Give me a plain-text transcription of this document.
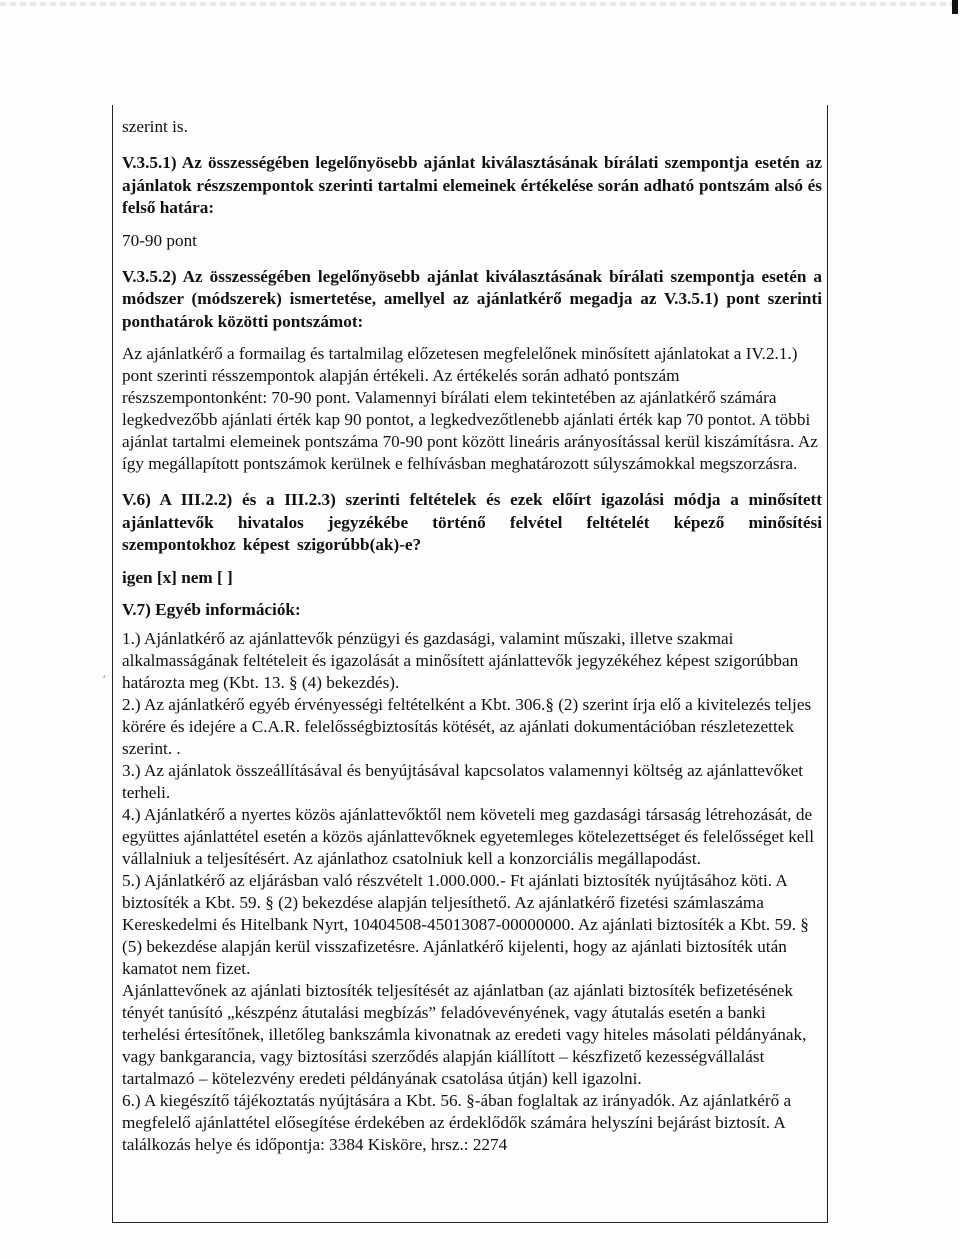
′

szerint is.

V.3.5.1) Az összességében legelőnyösebb ajánlat kiválasztásának bírálati szempontja esetén az ajánlatok részszempontok szerinti tartalmi elemeinek értékelése során adható pontszám alsó és felső határa:

70-90 pont

V.3.5.2) Az összességében legelőnyösebb ajánlat kiválasztásának bírálati szempontja esetén a módszer (módszerek) ismertetése, amellyel az ajánlatkérő megadja az V.3.5.1) pont szerinti ponthatárok közötti pontszámot:

Az ajánlatkérő a formailag és tartalmilag előzetesen megfelelőnek minősített ajánlatokat a IV.2.1.) pont szerinti résszempontok alapján értékeli. Az értékelés során adható pontszám részszempontonként: 70-90 pont. Valamennyi bírálati elem tekintetében az ajánlatkérő számára legkedvezőbb ajánlati érték kap 90 pontot, a legkedvezőtlenebb ajánlati érték kap 70 pontot. A többi ajánlat tartalmi elemeinek pontszáma 70-90 pont között lineáris arányosítással kerül kiszámításra. Az így megállapított pontszámok kerülnek e felhívásban meghatározott súlyszámokkal megszorzásra.

V.6) A III.2.2) és a III.2.3) szerinti feltételek és ezek előírt igazolási módja a minősített ajánlattevők hivatalos jegyzékébe történő felvétel feltételét képező minősítési szempontokhoz képest szigorúbb(ak)-e?

igen [x] nem [ ]

V.7) Egyéb információk:

1.) Ajánlatkérő az ajánlattevők pénzügyi és gazdasági, valamint műszaki, illetve szakmai alkalmasságának feltételeit és igazolását a minősített ajánlattevők jegyzékéhez képest szigorúbban határozta meg (Kbt. 13. § (4) bekezdés).

2.) Az ajánlatkérő egyéb érvényességi feltételként a Kbt. 306.§ (2) szerint írja elő a kivitelezés teljes körére és idejére a C.A.R. felelősségbiztosítás kötését, az ajánlati dokumentációban részletezettek szerint. .

3.) Az ajánlatok összeállításával és benyújtásával kapcsolatos valamennyi költség az ajánlattevőket terheli.

4.) Ajánlatkérő a nyertes közös ajánlattevőktől nem követeli meg gazdasági társaság létrehozását, de együttes ajánlattétel esetén a közös ajánlattevőknek egyetemleges kötelezettséget és felelősséget kell vállalniuk a teljesítésért. Az ajánlathoz csatolniuk kell a konzorciális megállapodást.

5.) Ajánlatkérő az eljárásban való részvételt 1.000.000.- Ft ajánlati biztosíték nyújtásához köti. A biztosíték a Kbt. 59. § (2) bekezdése alapján teljesíthető. Az ajánlatkérő fizetési számlaszáma Kereskedelmi és Hitelbank Nyrt, 10404508-45013087-00000000. Az ajánlati biztosíték a Kbt. 59. § (5) bekezdése alapján kerül visszafizetésre. Ajánlatkérő kijelenti, hogy az ajánlati biztosíték után kamatot nem fizet.

Ajánlattevőnek az ajánlati biztosíték teljesítését az ajánlatban (az ajánlati biztosíték befizetésének tényét tanúsító „készpénz átutalási megbízás” feladóvevényének, vagy átutalás esetén a banki terhelési értesítőnek, illetőleg bankszámla kivonatnak az eredeti vagy hiteles másolati példányának, vagy bankgarancia, vagy biztosítási szerződés alapján kiállított – készfizető kezességvállalást tartalmazó – kötelezvény eredeti példányának csatolása útján) kell igazolni.

6.) A kiegészítő tájékoztatás nyújtására a Kbt. 56. §-ában foglaltak az irányadók. Az ajánlatkérő a megfelelő ajánlattétel elősegítése érdekében az érdeklődők számára helyszíni bejárást biztosít. A találkozás helye és időpontja: 3384 Kisköre, hrsz.: 2274
